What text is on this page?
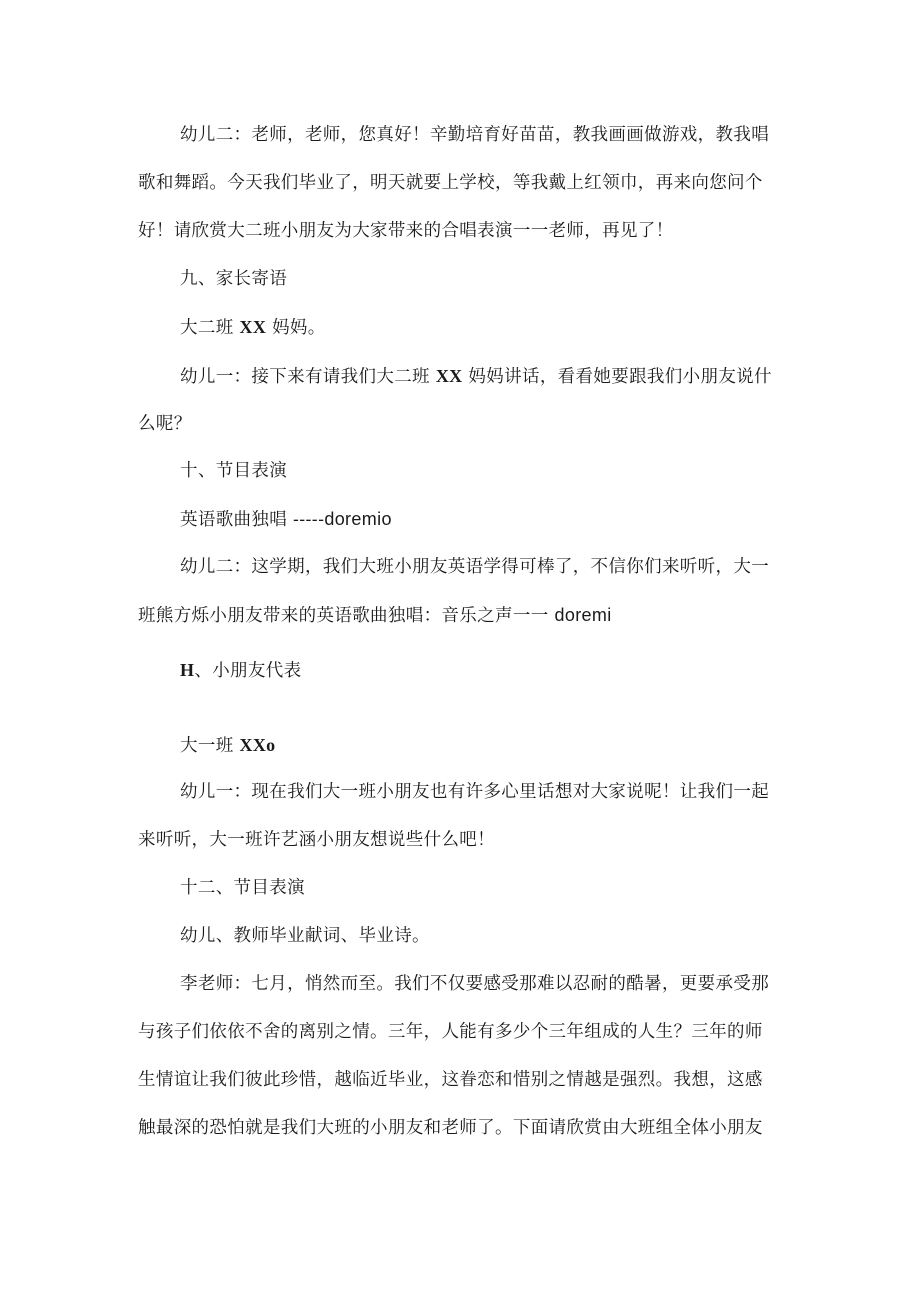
幼儿二：老师，老师，您真好！辛勤培育好苗苗，教我画画做游戏，教我唱
歌和舞蹈。今天我们毕业了，明天就要上学校，等我戴上红领巾，再来向您问个
好！请欣赏大二班小朋友为大家带来的合唱表演一一老师，再见了！
九、家长寄语
大二班 XX 妈妈。
幼儿一：接下来有请我们大二班 XX 妈妈讲话，看看她要跟我们小朋友说什
么呢？
十、节目表演
英语歌曲独唱 -----doremio
幼儿二：这学期，我们大班小朋友英语学得可棒了，不信你们来听听，大一
班熊方烁小朋友带来的英语歌曲独唱：音乐之声一一 doremi
H、小朋友代表
大一班 XXo
幼儿一：现在我们大一班小朋友也有许多心里话想对大家说呢！让我们一起
来听听，大一班许艺涵小朋友想说些什么吧！
十二、节目表演
幼儿、教师毕业献词、毕业诗。
李老师：七月，悄然而至。我们不仅要感受那难以忍耐的酷暑，更要承受那
与孩子们依依不舍的离别之情。三年，人能有多少个三年组成的人生？三年的师
生情谊让我们彼此珍惜，越临近毕业，这眷恋和惜别之情越是强烈。我想，这感
触最深的恐怕就是我们大班的小朋友和老师了。下面请欣赏由大班组全体小朋友
